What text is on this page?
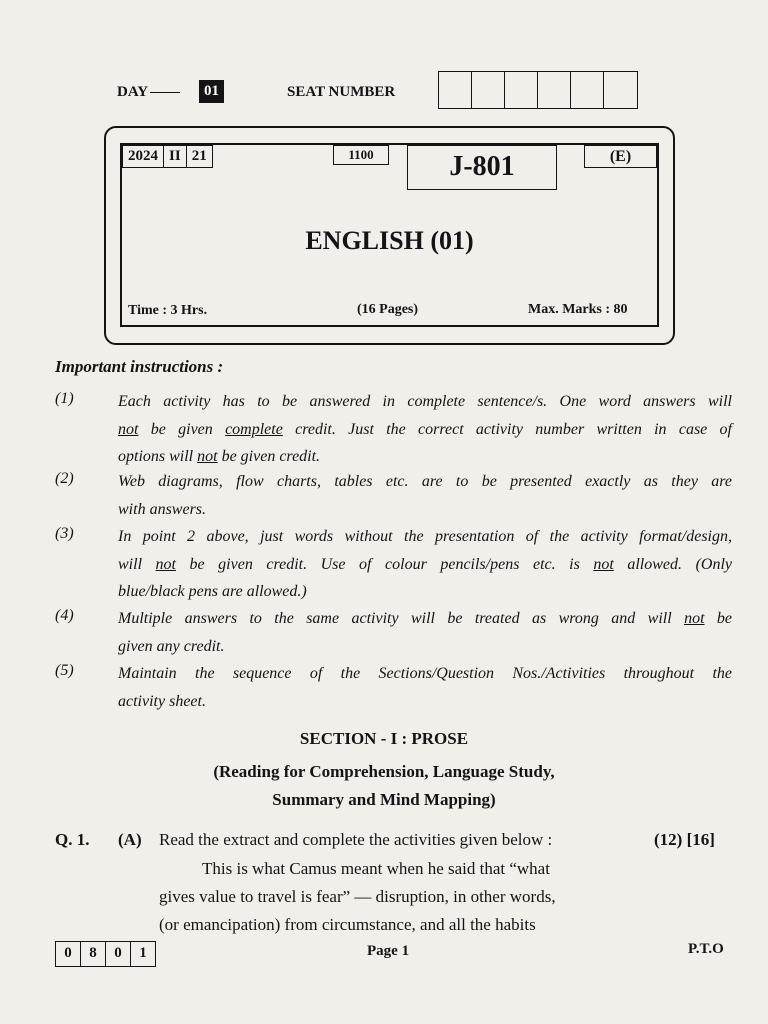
DAY	01	SEAT NUMBER
2024 II 21	1100	J-801	(E)
ENGLISH (01)
Time : 3 Hrs.	(16 Pages)	Max. Marks : 80
Important instructions :
(1)	Each activity has to be answered in complete sentence/s. One word answers will
not be given complete credit. Just the correct activity number written in case of
options will not be given credit.
(2)	Web diagrams, flow charts, tables etc. are to be presented exactly as they are
with answers.
(3)	In point 2 above, just words without the presentation of the activity format/design,
will not be given credit. Use of colour pencils/pens etc. is not allowed. (Only
blue/black pens are allowed.)
(4)	Multiple answers to the same activity will be treated as wrong and will not be
given any credit.
(5)	Maintain the sequence of the Sections/Question Nos./Activities throughout the
activity sheet.
SECTION - I : PROSE
(Reading for Comprehension, Language Study,
Summary and Mind Mapping)
Q. 1. (A) Read the extract and complete the activities given below :	(12) [16]
This is what Camus meant when he said that “what
gives value to travel is fear” — disruption, in other words,
(or emancipation) from circumstance, and all the habits
0	8	0	1	Page 1	P.T.O
